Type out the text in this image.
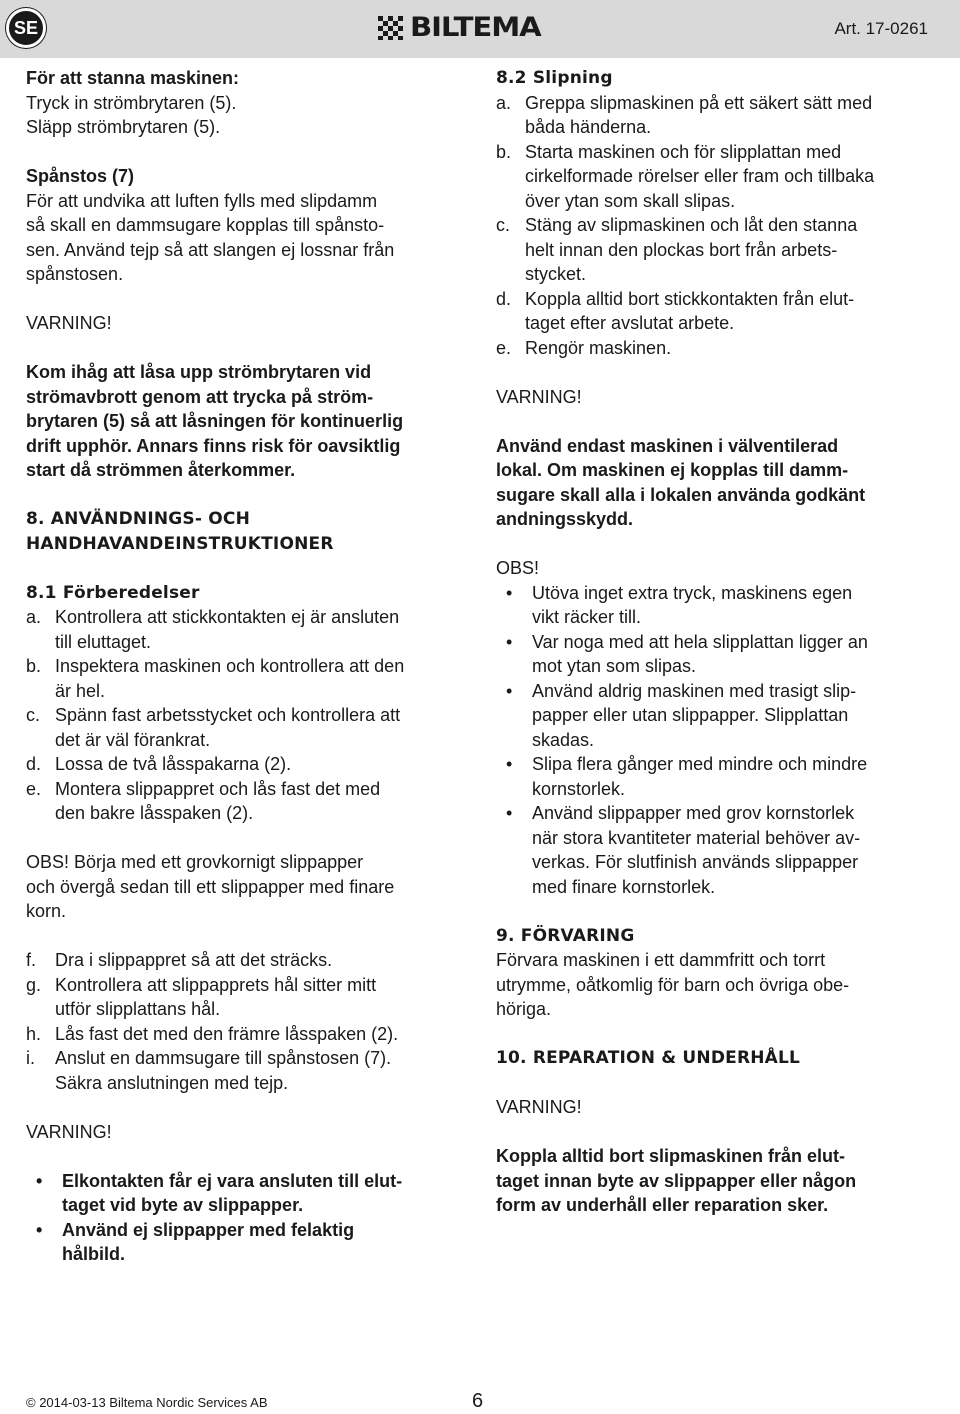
SE	BILTEMA	Art. 17-0261

För att stanna maskinen:

Tryck in strömbrytaren (5).

Släpp strömbrytaren (5).

Spånstos (7)

För att undvika att luften fylls med slipdamm

så skall en dammsugare kopplas till spånsto-

sen. Använd tejp så att slangen ej lossnar från

spånstosen.

VARNING!

Kom ihåg att låsa upp strömbrytaren vid

strömavbrott genom att trycka på ström-

brytaren (5) så att låsningen för kontinuerlig

drift upphör. Annars finns risk för oavsiktlig

start då strömmen återkommer.

8. ANVÄNDNINGS- OCH

HANDHAVANDEINSTRUKTIONER

8.1 Förberedelser

a. Kontrollera att stickkontakten ej är ansluten
till eluttaget.
b. Inspektera maskinen och kontrollera att den
är hel.
c. Spänn fast arbetsstycket och kontrollera att
det är väl förankrat.
d. Lossa de två låsspakarna (2).
e. Montera slippappret och lås fast det med
den bakre låsspaken (2).

OBS! Börja med ett grovkornigt slippapper

och övergå sedan till ett slippapper med finare

korn.

f. Dra i slippappret så att det sträcks.
g. Kontrollera att slippapprets hål sitter mitt
utför slipplattans hål.
h. Lås fast det med den främre låsspaken (2).
i. Anslut en dammsugare till spånstosen (7).
Säkra anslutningen med tejp.

VARNING!

• Elkontakten får ej vara ansluten till elut-
taget vid byte av slippapper.
• Använd ej slippapper med felaktig
hålbild.

8.2 Slipning

a. Greppa slipmaskinen på ett säkert sätt med
båda händerna.
b. Starta maskinen och för slipplattan med
cirkelformade rörelser eller fram och tillbaka
över ytan som skall slipas.
c. Stäng av slipmaskinen och låt den stanna
helt innan den plockas bort från arbets-
stycket.
d. Koppla alltid bort stickkontakten från elut-
taget efter avslutat arbete.
e. Rengör maskinen.

VARNING!

Använd endast maskinen i välventilerad

lokal. Om maskinen ej kopplas till damm-

sugare skall alla i lokalen använda godkänt

andningsskydd.

OBS!

• Utöva inget extra tryck, maskinens egen
vikt räcker till.
• Var noga med att hela slipplattan ligger an
mot ytan som slipas.
• Använd aldrig maskinen med trasigt slip-
papper eller utan slippapper. Slipplattan
skadas.
• Slipa flera gånger med mindre och mindre
kornstorlek.
• Använd slippapper med grov kornstorlek
när stora kvantiteter material behöver av-
verkas. För slutfinish används slippapper
med finare kornstorlek.

9. FÖRVARING

Förvara maskinen i ett dammfritt och torrt

utrymme, oåtkomlig för barn och övriga obe-

höriga.

10. REPARATION & UNDERHÅLL

VARNING!

Koppla alltid bort slipmaskinen från elut-

taget innan byte av slippapper eller någon

form av underhåll eller reparation sker.

© 2014-03-13 Biltema Nordic Services AB	6
